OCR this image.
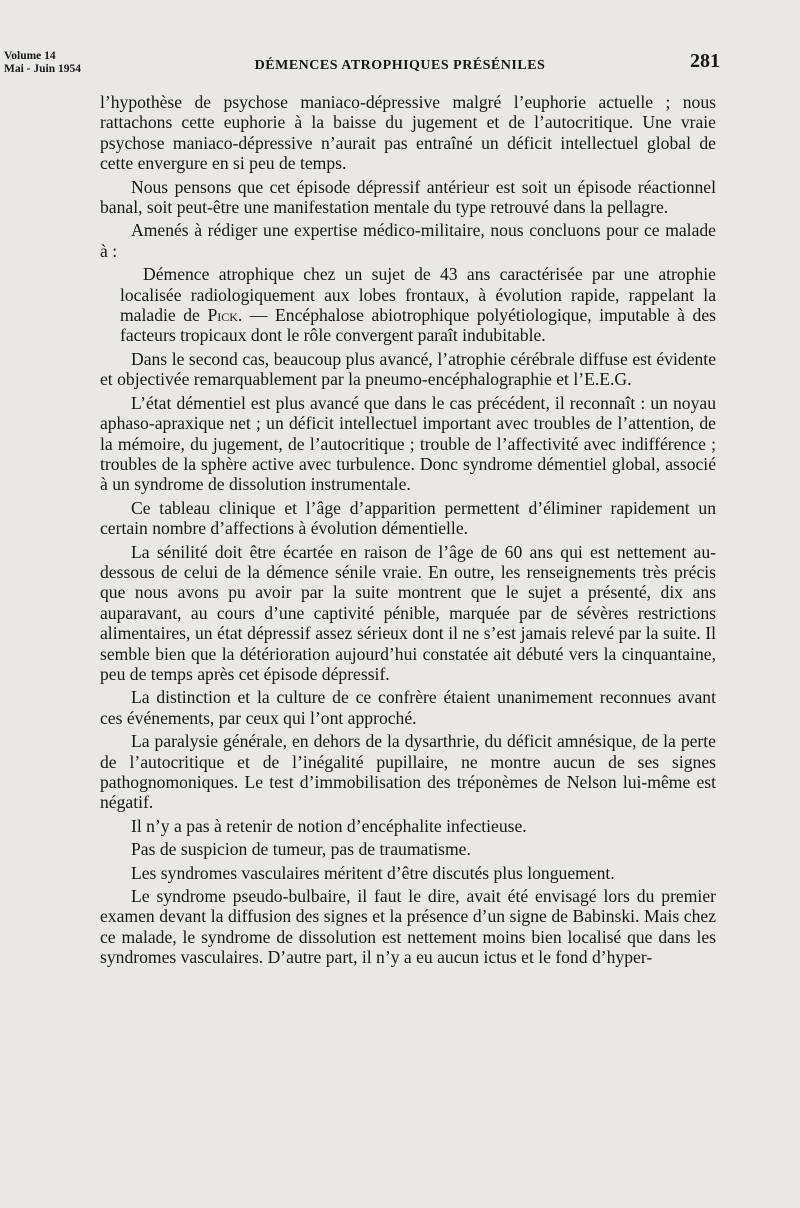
Volume 14
Mai - Juin 1954	DÉMENCES ATROPHIQUES PRÉSÉNILES	281

l’hypothèse de psychose maniaco-dépressive malgré l’euphorie actuelle ; nous rattachons cette euphorie à la baisse du jugement et de l’autocritique. Une vraie psychose maniaco-dépressive n’aurait pas entraîné un déficit intellectuel global de cette envergure en si peu de temps.

Nous pensons que cet épisode dépressif antérieur est soit un épisode réactionnel banal, soit peut-être une manifestation mentale du type retrouvé dans la pellagre.

Amenés à rédiger une expertise médico-militaire, nous concluons pour ce malade à :

Démence atrophique chez un sujet de 43 ans caractérisée par une atrophie localisée radiologiquement aux lobes frontaux, à évolution rapide, rappelant la maladie de Pick. — Encéphalose abiotrophique polyétiologique, imputable à des facteurs tropicaux dont le rôle convergent paraît indubitable.

Dans le second cas, beaucoup plus avancé, l’atrophie cérébrale diffuse est évidente et objectivée remarquablement par la pneumo-encéphalographie et l’E.E.G.

L’état démentiel est plus avancé que dans le cas précédent, il reconnaît : un noyau aphaso-apraxique net ; un déficit intellectuel important avec troubles de l’attention, de la mémoire, du jugement, de l’autocritique ; trouble de l’affectivité avec indifférence ; troubles de la sphère active avec turbulence. Donc syndrome démentiel global, associé à un syndrome de dissolution instrumentale.

Ce tableau clinique et l’âge d’apparition permettent d’éliminer rapidement un certain nombre d’affections à évolution démentielle.

La sénilité doit être écartée en raison de l’âge de 60 ans qui est nettement au-dessous de celui de la démence sénile vraie. En outre, les renseignements très précis que nous avons pu avoir par la suite montrent que le sujet a présenté, dix ans auparavant, au cours d’une captivité pénible, marquée par de sévères restrictions alimentaires, un état dépressif assez sérieux dont il ne s’est jamais relevé par la suite. Il semble bien que la détérioration aujourd’hui constatée ait débuté vers la cinquantaine, peu de temps après cet épisode dépressif.

La distinction et la culture de ce confrère étaient unanimement reconnues avant ces événements, par ceux qui l’ont approché.

La paralysie générale, en dehors de la dysarthrie, du déficit amnésique, de la perte de l’autocritique et de l’inégalité pupillaire, ne montre aucun de ses signes pathognomoniques. Le test d’immobilisation des tréponèmes de Nelson lui-même est négatif.

Il n’y a pas à retenir de notion d’encéphalite infectieuse.

Pas de suspicion de tumeur, pas de traumatisme.

Les syndromes vasculaires méritent d’être discutés plus longuement.

Le syndrome pseudo-bulbaire, il faut le dire, avait été envisagé lors du premier examen devant la diffusion des signes et la présence d’un signe de Babinski. Mais chez ce malade, le syndrome de dissolution est nettement moins bien localisé que dans les syndromes vasculaires. D’autre part, il n’y a eu aucun ictus et le fond d’hyper-
